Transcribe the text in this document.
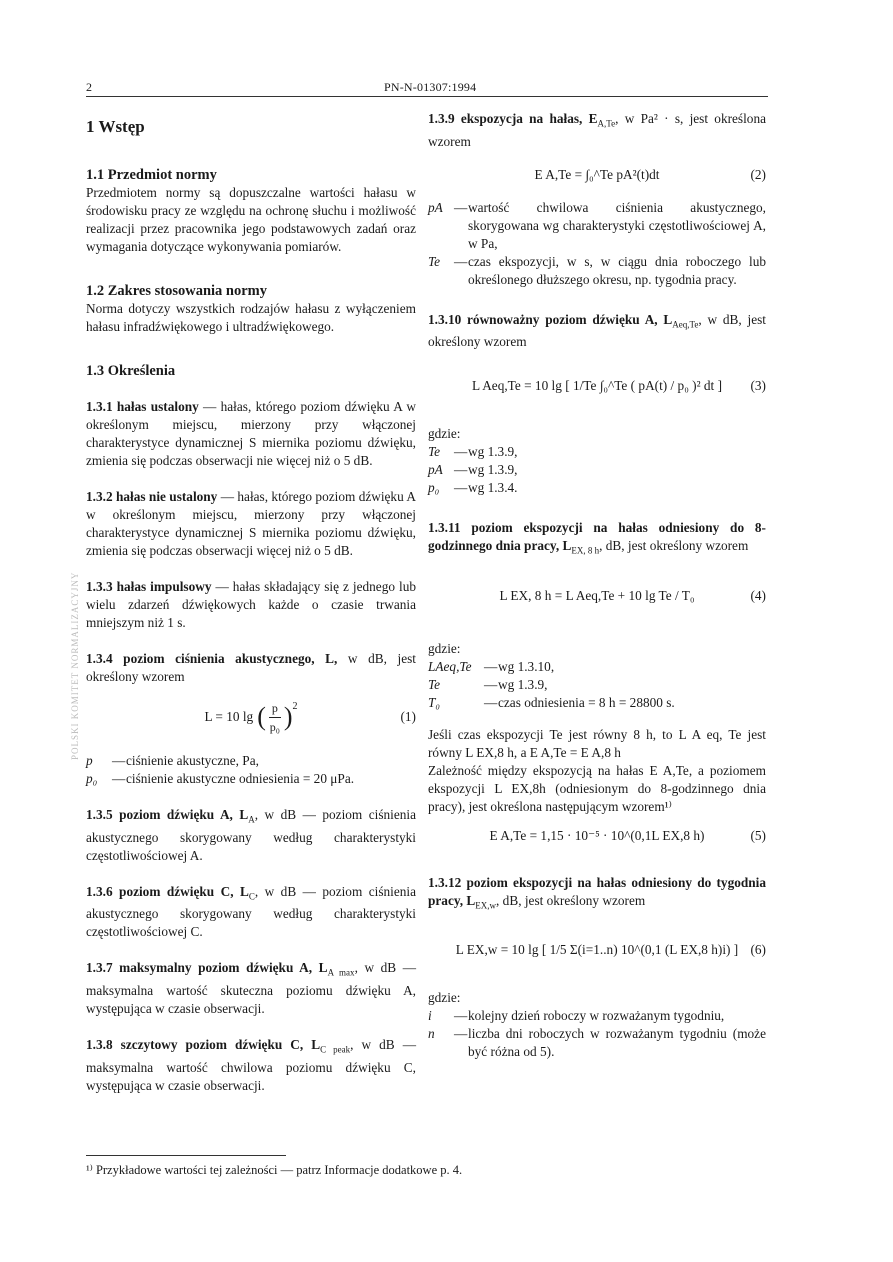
2	PN-N-01307:1994
POLSKI KOMITET NORMALIZACYJNY
1 Wstęp
1.1 Przedmiot normy

Przedmiotem normy są dopuszczalne wartości hałasu w środowisku pracy ze względu na ochronę słuchu i możliwość realizacji przez pracownika jego podstawowych zadań oraz wymagania dotyczące wykonywania pomiarów.

1.2 Zakres stosowania normy

Norma dotyczy wszystkich rodzajów hałasu z wyłączeniem hałasu infradźwiękowego i ultradźwiękowego.

1.3 Określenia

1.3.1 hałas ustalony — hałas, którego poziom dźwięku A w określonym miejscu, mierzony przy włączonej charakterystyce dynamicznej S miernika poziomu dźwięku, zmienia się podczas obserwacji nie więcej niż o 5 dB.

1.3.2 hałas nie ustalony — hałas, którego poziom dźwięku A w określonym miejscu, mierzony przy włączonej charakterystyce dynamicznej S miernika poziomu dźwięku, zmienia się podczas obserwacji więcej niż o 5 dB.

1.3.3 hałas impulsowy — hałas składający się z jednego lub wielu zdarzeń dźwiękowych każde o czasie trwania mniejszym niż 1 s.

1.3.4 poziom ciśnienia akustycznego, L, w dB, jest określony wzorem

L = 10 lg ( $\frac{p}{\text{p₀}} )^2$
(1)
p	— ciśnienie akustyczne, Pa,
p₀	— ciśnienie akustyczne odniesienia = 20 μPa.

1.3.5 poziom dźwięku A, $L_A$, w dB — poziom ciśnienia akustycznego skorygowany według charakterystyki częstotliwościowej A.

1.3.6 poziom dźwięku C, $L_C$, w dB — poziom ciśnienia akustycznego skorygowany według charakterystyki częstotliwościowej C.

1.3.7 maksymalny poziom dźwięku A, $L_{A max}$, w dB — maksymalna wartość skuteczna poziomu dźwięku A, występująca w czasie obserwacji.

1.3.8 szczytowy poziom dźwięku C, $L_{C peak}$, w dB — maksymalna wartość chwilowa poziomu dźwięku C, występująca w czasie obserwacji.

1.3.9 ekspozycja na hałas, $E_{A,Te}$, w Pa² · s, jest określona wzorem

E A,Te = ∫₀^Te pA²(t)dt	(2)
pA — wartość chwilowa ciśnienia akustycznego, skorygowana wg charakterystyki częstotliwościowej A, w Pa,
Te	— czas ekspozycji, w s, w ciągu dnia roboczego lub określonego dłuższego okresu, np. tygodnia pracy.

1.3.10 równoważny poziom dźwięku A, $L_{Aeq,Te}$, w dB, jest określony wzorem

L Aeq,Te = 10 lg [ 1/Te ∫₀^Te ( pA(t) / p₀ )² dt ] (3)
gdzie:
Te	— wg 1.3.9,
pA — wg 1.3.9,
p₀	— wg 1.3.4.

1.3.11 poziom ekspozycji na hałas odniesiony do 8-godzinnego dnia pracy, $L_{EX, 8 h}$, dB, jest określony wzorem

L EX, 8 h = L Aeq,Te + 10 lg Te / T₀	(4)
gdzie:
LAeq,Te — wg 1.3.10,
Te	— wg 1.3.9,
T₀	— czas odniesienia = 8 h = 28800 s.

Jeśli czas ekspozycji Te jest równy 8 h, to L A eq, Te jest równy L EX,8 h, a E A,Te = E A,8 h

Zależność między ekspozycją na hałas E A,Te, a poziomem ekspozycji L EX,8h (odniesionym do 8-godzinnego dnia pracy), jest określona następującym wzorem¹⁾

E A,Te = 1,15 · 10⁻⁵ · 10^(0,1L EX,8 h)	(5)

1.3.12 poziom ekspozycji na hałas odniesiony do tygodnia pracy, $L_{EX,w}$, dB, jest określony wzorem

L EX,w = 10 lg [ 1/5 Σ(i=1..n) 10^(0,1 (L EX,8 h)i) ] (6)
gdzie:
i	— kolejny dzień roboczy w rozważanym tygodniu,
n	— liczba dni roboczych w rozważanym tygodniu (może być różna od 5).
¹⁾ Przykładowe wartości tej zależności — patrz Informacje dodatkowe p. 4.
